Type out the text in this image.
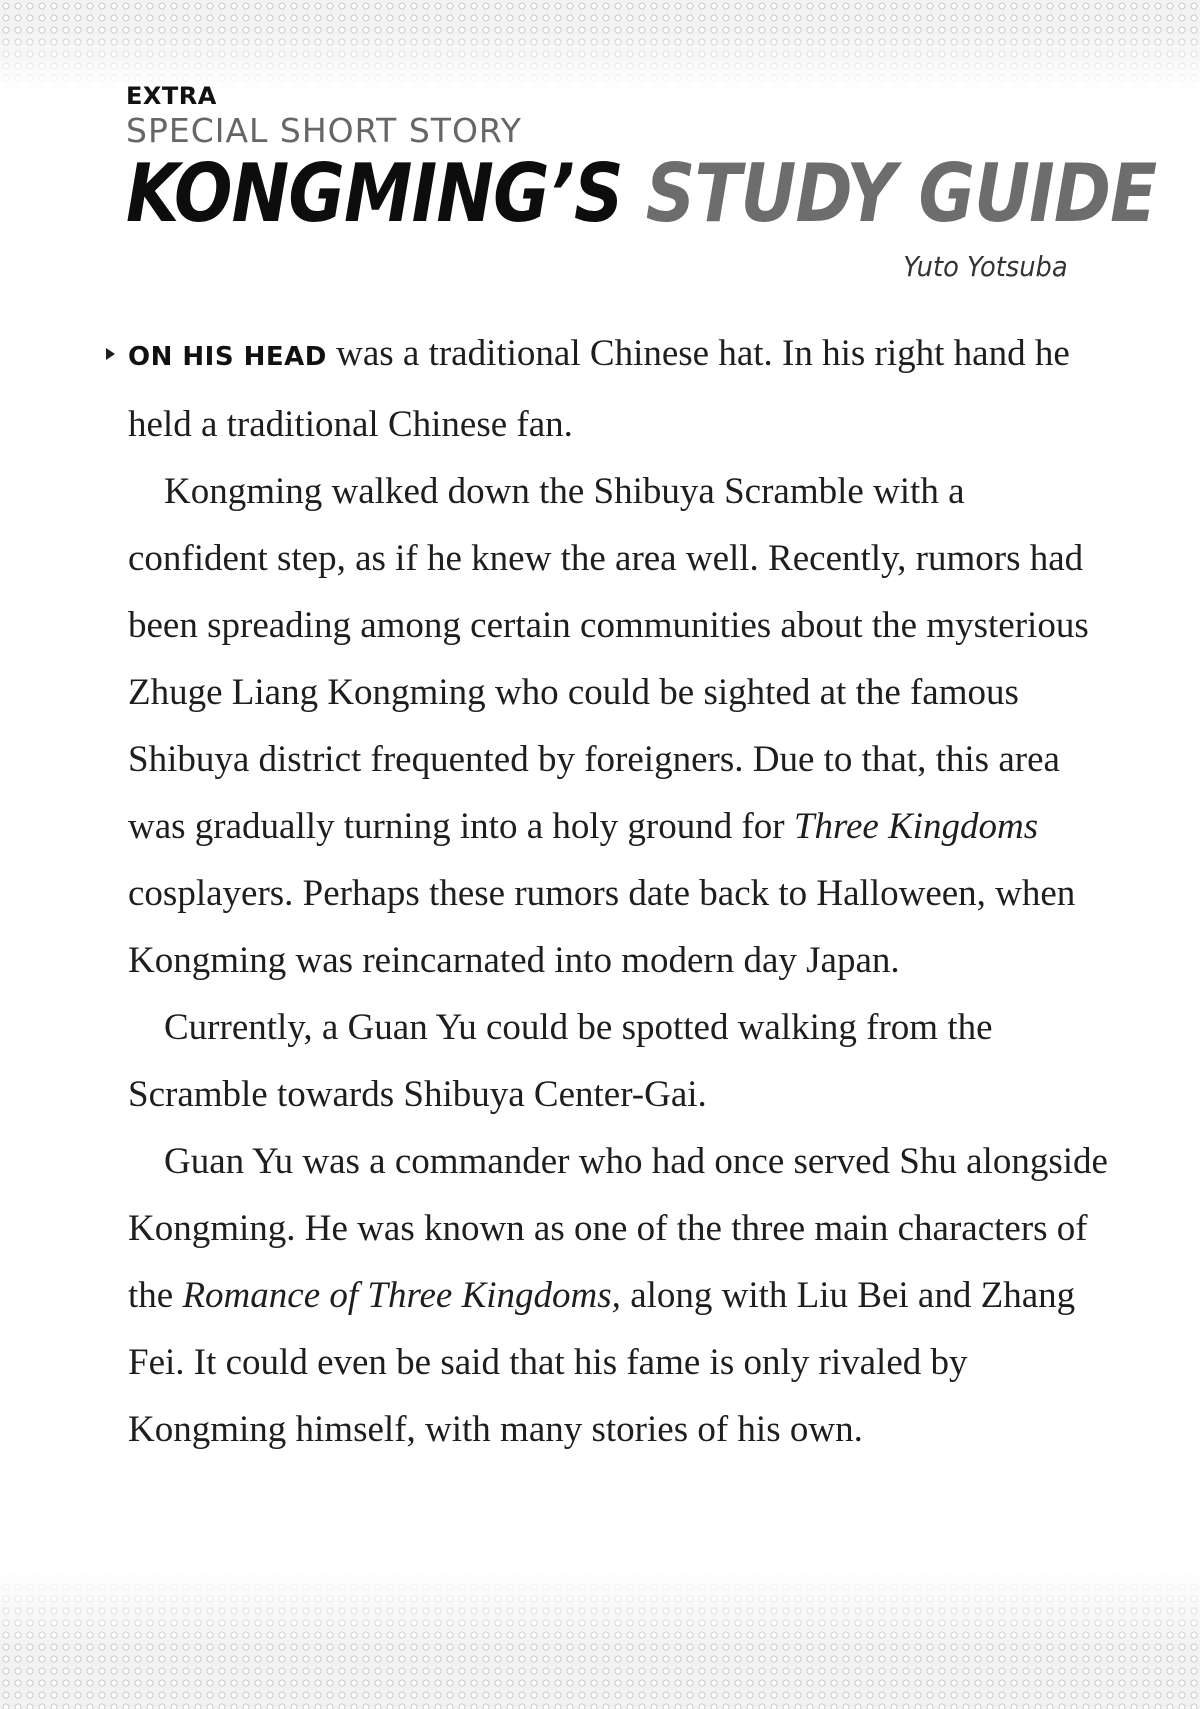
EXTRA
SPECIAL SHORT STORY
KONGMING’S STUDY GUIDE
Yuto Yotsuba

ON HIS HEAD was a traditional Chinese hat. In his right hand he held a traditional Chinese fan.

Kongming walked down the Shibuya Scramble with a confident step, as if he knew the area well. Recently, rumors had been spreading among certain communities about the mysterious Zhuge Liang Kongming who could be sighted at the famous Shibuya district frequented by foreigners. Due to that, this area was gradually turning into a holy ground for Three Kingdoms cosplayers. Perhaps these rumors date back to Halloween, when Kongming was reincarnated into modern day Japan.

Currently, a Guan Yu could be spotted walking from the Scramble towards Shibuya Center-Gai.

Guan Yu was a commander who had once served Shu alongside Kongming. He was known as one of the three main characters of the Romance of Three Kingdoms, along with Liu Bei and Zhang Fei. It could even be said that his fame is only rivaled by Kongming himself, with many stories of his own.
